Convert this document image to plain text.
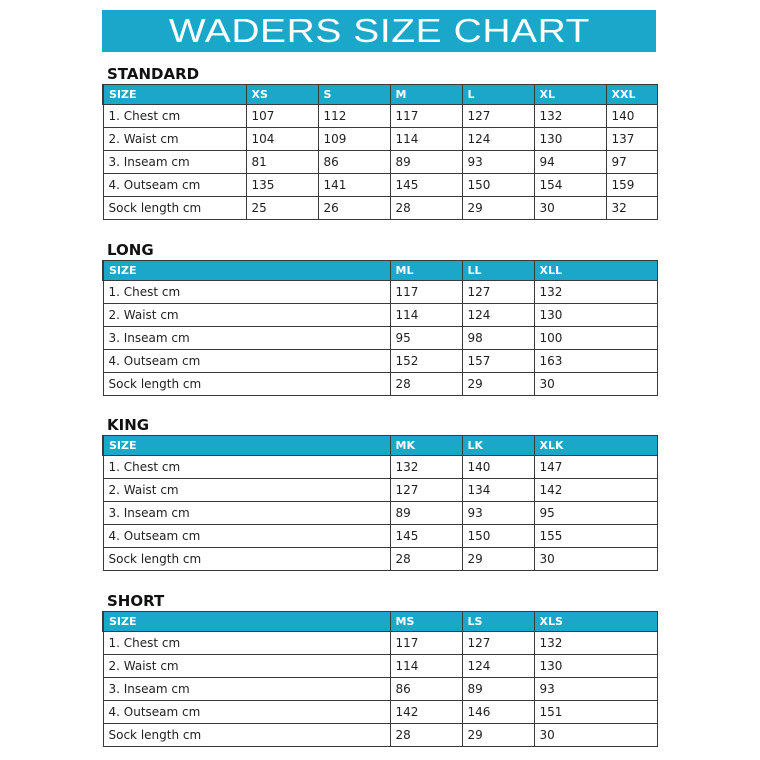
WADERS SIZE CHART
STANDARD
SIZE	XS	S	M	L	XL	XXL
1. Chest cm	107	112	117	127	132	140
2. Waist cm	104	109	114	124	130	137
3. Inseam cm	81	86	89	93	94	97
4. Outseam cm	135	141	145	150	154	159
Sock length cm	25	26	28	29	30	32
LONG
SIZE	ML	LL	XLL
1. Chest cm	117	127	132
2. Waist cm	114	124	130
3. Inseam cm	95	98	100
4. Outseam cm	152	157	163
Sock length cm	28	29	30
KING
SIZE	MK	LK	XLK
1. Chest cm	132	140	147
2. Waist cm	127	134	142
3. Inseam cm	89	93	95
4. Outseam cm	145	150	155
Sock length cm	28	29	30
SHORT
SIZE	MS	LS	XLS
1. Chest cm	117	127	132
2. Waist cm	114	124	130
3. Inseam cm	86	89	93
4. Outseam cm	142	146	151
Sock length cm	28	29	30
